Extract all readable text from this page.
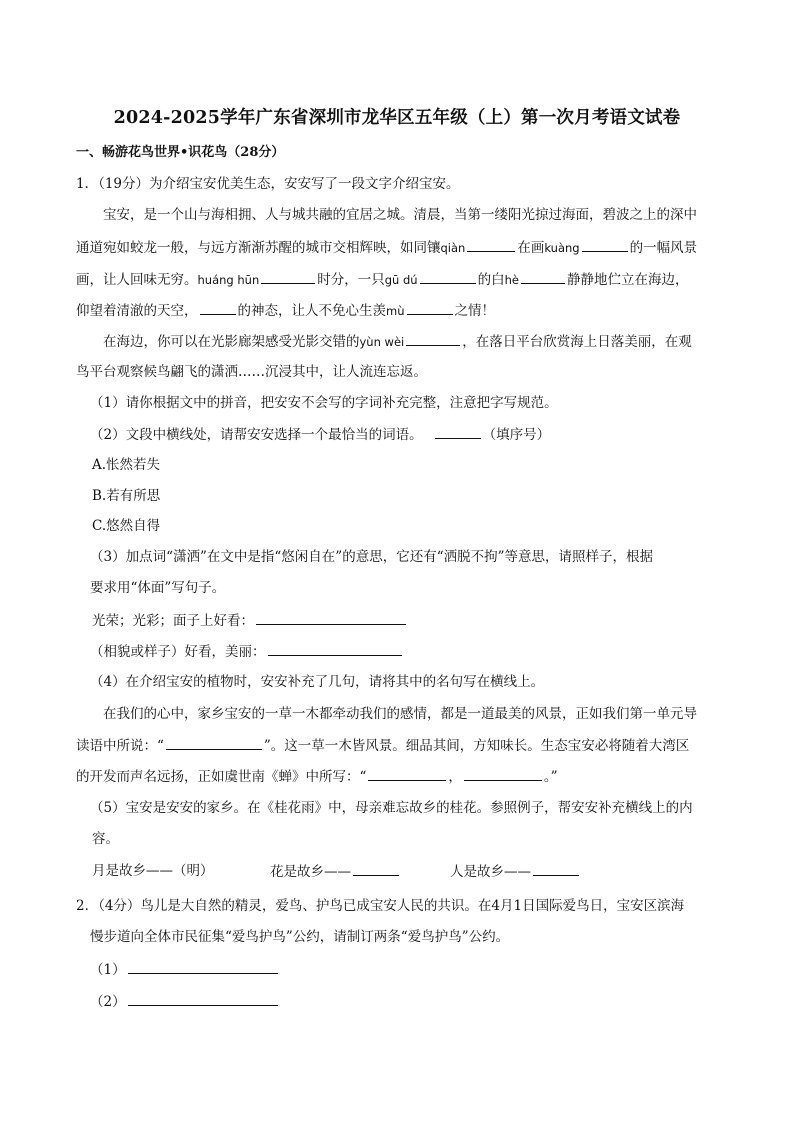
2024-2025学年广东省深圳市龙华区五年级（上）第一次月考语文试卷
一、畅游花鸟世界•识花鸟（28分）
1．（19分）为介绍宝安优美生态，安安写了一段文字介绍宝安。
宝安，是一个山与海相拥、人与城共融的宜居之城。清晨，当第一缕阳光掠过海面，碧波之上的深中
通道宛如蛟龙一般，与远方渐渐苏醒的城市交相辉映，如同镶qiàn	在画kuàng	的一幅风景
画，让人回味无穷。huáng hūn	时分，一只gū dú	的白hè	静静地伫立在海边，
仰望着清澈的天空，	的神态，让人不免心生羡mù	之情！
在海边，你可以在光影廊架感受光影交错的yùn wèi	，在落日平台欣赏海上日落美丽，在观
鸟平台观察候鸟翩飞的潇洒……沉浸其中，让人流连忘返。
（1）请你根据文中的拼音，把安安不会写的字词补充完整，注意把字写规范。
（2）文段中横线处，请帮安安选择一个最恰当的词语。	（填序号）
A.怅然若失
B.若有所思
C.悠然自得
（3）加点词“潇洒”在文中是指“悠闲自在”的意思，它还有“洒脱不拘”等意思，请照样子，根据
要求用“体面”写句子。
光荣；光彩；面子上好看：
（相貌或样子）好看，美丽：
（4）在介绍宝安的植物时，安安补充了几句，请将其中的名句写在横线上。
在我们的心中，家乡宝安的一草一木都牵动我们的感情，都是一道最美的风景，正如我们第一单元导
读语中所说：“	”。这一草一木皆风景。细品其间，方知味长。生态宝安必将随着大湾区
的开发而声名远扬，正如虞世南《蝉》中所写：“	，	。”
（5）宝安是安安的家乡。在《桂花雨》中，母亲难忘故乡的桂花。参照例子，帮安安补充横线上的内
容。
月是故乡——（明）	花是故乡——	人是故乡——
2．（4分）鸟儿是大自然的精灵，爱鸟、护鸟已成宝安人民的共识。在4月1日国际爱鸟日，宝安区滨海
慢步道向全体市民征集“爱鸟护鸟”公约，请制订两条“爱鸟护鸟”公约。
（1）
（2）
